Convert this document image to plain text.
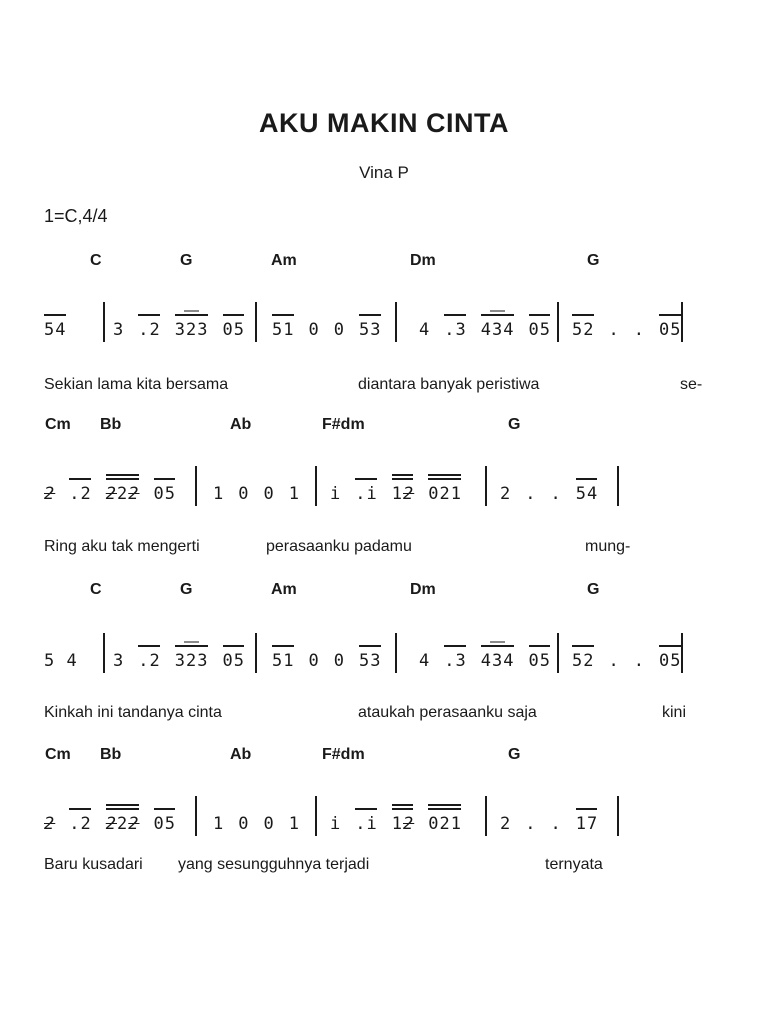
AKU MAKIN CINTA
Vina P
1=C,4/4
C	G	Am	Dm	G
Cm Bb	Ab	F#dm	G
C	G	Am	Dm	G
Cm Bb	Ab	F#dm	G
54	3 .2 323 05 51 0 0 53 4 .3 434 05 52 . . 05
2 .2 222 05 1 0 0 1 i .i 12 021 2 . . 54
5 4 3 .2 323 05 51 0 0 53 4 .3 434 05 52 . . 05
2 .2 222 05 1 0 0 1 i .i 12 021 2 . . 17
Sekian lama kita bersama	diantara banyak peristiwa	se-
Ring aku tak mengerti	perasaanku padamu	mung-
Kinkah ini tandanya cinta	ataukah perasaanku saja	kini
Baru kusadari yang sesungguhnya terjadi	ternyata
